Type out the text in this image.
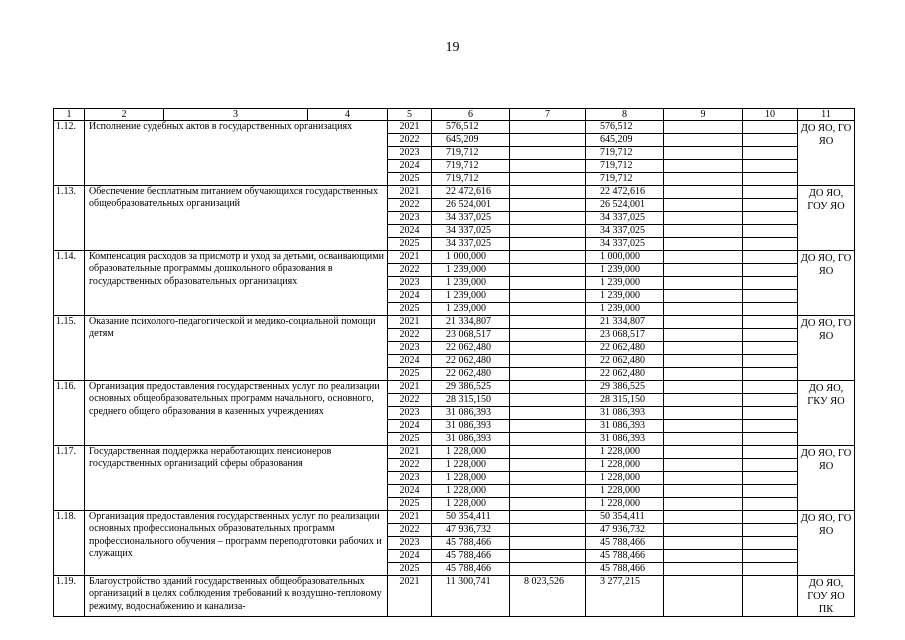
19
1	2	3	4	5	6	7	8	9	10	11
1.12.	Исполнение судебных актов в государственных организациях			2021	576,512		576,512			ДО ЯО, ГО ЯО
				2022	645,209		645,209			
				2023	719,712		719,712			
				2024	719,712		719,712			
				2025	719,712		719,712			
1.13.	Обеспечение бесплатным питанием обучающихся государственных общеобразовательных организаций			2021	22 472,616		22 472,616			ДО ЯО, ГОУ ЯО
				2022	26 524,001		26 524,001			
				2023	34 337,025		34 337,025			
				2024	34 337,025		34 337,025			
				2025	34 337,025		34 337,025			
1.14.	Компенсация расходов за присмотр и уход за детьми, осваивающими образовательные программы дошкольного образования в государственных образовательных организациях			2021	1 000,000		1 000,000			ДО ЯО, ГО ЯО
				2022	1 239,000		1 239,000			
				2023	1 239,000		1 239,000			
				2024	1 239,000		1 239,000			
				2025	1 239,000		1 239,000			
1.15.	Оказание психолого-педагогической и медико-социальной помощи детям			2021	21 334,807		21 334,807			ДО ЯО, ГО ЯО
				2022	23 068,517		23 068,517			
				2023	22 062,480		22 062,480			
				2024	22 062,480		22 062,480			
				2025	22 062,480		22 062,480			
1.16.	Организация предоставления государственных услуг по реализации основных общеобразовательных программ начального, основного, среднего общего образования в казенных учреждениях			2021	29 386,525		29 386,525			ДО ЯО, ГКУ ЯО
				2022	28 315,150		28 315,150			
				2023	31 086,393		31 086,393			
				2024	31 086,393		31 086,393			
				2025	31 086,393		31 086,393			
1.17.	Государственная поддержка неработающих пенсионеров государственных организаций сферы образования			2021	1 228,000		1 228,000			ДО ЯО, ГО ЯО
				2022	1 228,000		1 228,000			
				2023	1 228,000		1 228,000			
				2024	1 228,000		1 228,000			
				2025	1 228,000		1 228,000			
1.18.	Организация предоставления государственных услуг по реализации основных профессиональных образовательных программ профессионального обучения – программ переподготовки рабочих и служащих			2021	50 354,411		50 354,411			ДО ЯО, ГО ЯО
				2022	47 936,732		47 936,732			
				2023	45 788,466		45 788,466			
				2024	45 788,466		45 788,466			
				2025	45 788,466		45 788,466			
1.19.	Благоустройство зданий государственных общеобразовательных организаций в целях соблюдения требований к воздушно-тепловому режиму, водоснабжению и канализа-			2021	11 300,741	8 023,526	3 277,215			ДО ЯО, ГОУ ЯО ПК
